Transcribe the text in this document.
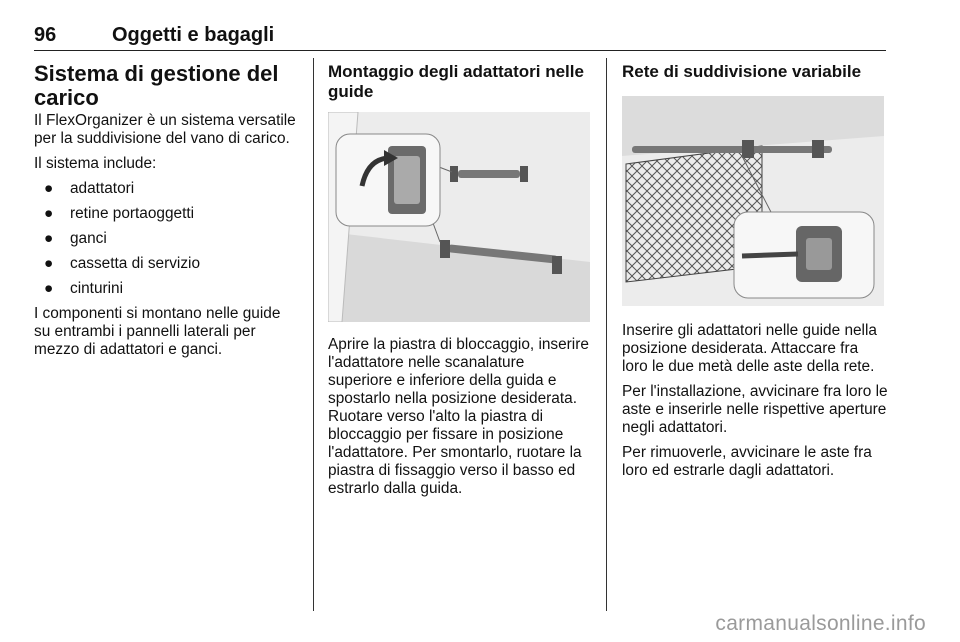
96	Oggetti e bagagli
Sistema di gestione del carico

Il FlexOrganizer è un sistema versatile per la suddivisione del vano di carico.

Il sistema include:

● adattatori
● retine portaoggetti
● ganci
● cassetta di servizio
● cinturini

I componenti si montano nelle guide su entrambi i pannelli laterali per mezzo di adattatori e ganci.

Montaggio degli adattatori nelle guide

Aprire la piastra di bloccaggio, inserire l'adattatore nelle scanalature superiore e inferiore della guida e spostarlo nella posizione desiderata. Ruotare verso l'alto la piastra di bloccaggio per fissare in posizione l'adattatore. Per smontarlo, ruotare la piastra di fissaggio verso il basso ed estrarlo dalla guida.

Rete di suddivisione variabile

Inserire gli adattatori nelle guide nella posizione desiderata. Attaccare fra loro le due metà delle aste della rete.

Per l'installazione, avvicinare fra loro le aste e inserirle nelle rispettive aperture negli adattatori.

Per rimuoverle, avvicinare le aste fra loro ed estrarle dagli adattatori.

carmanualsonline.info
